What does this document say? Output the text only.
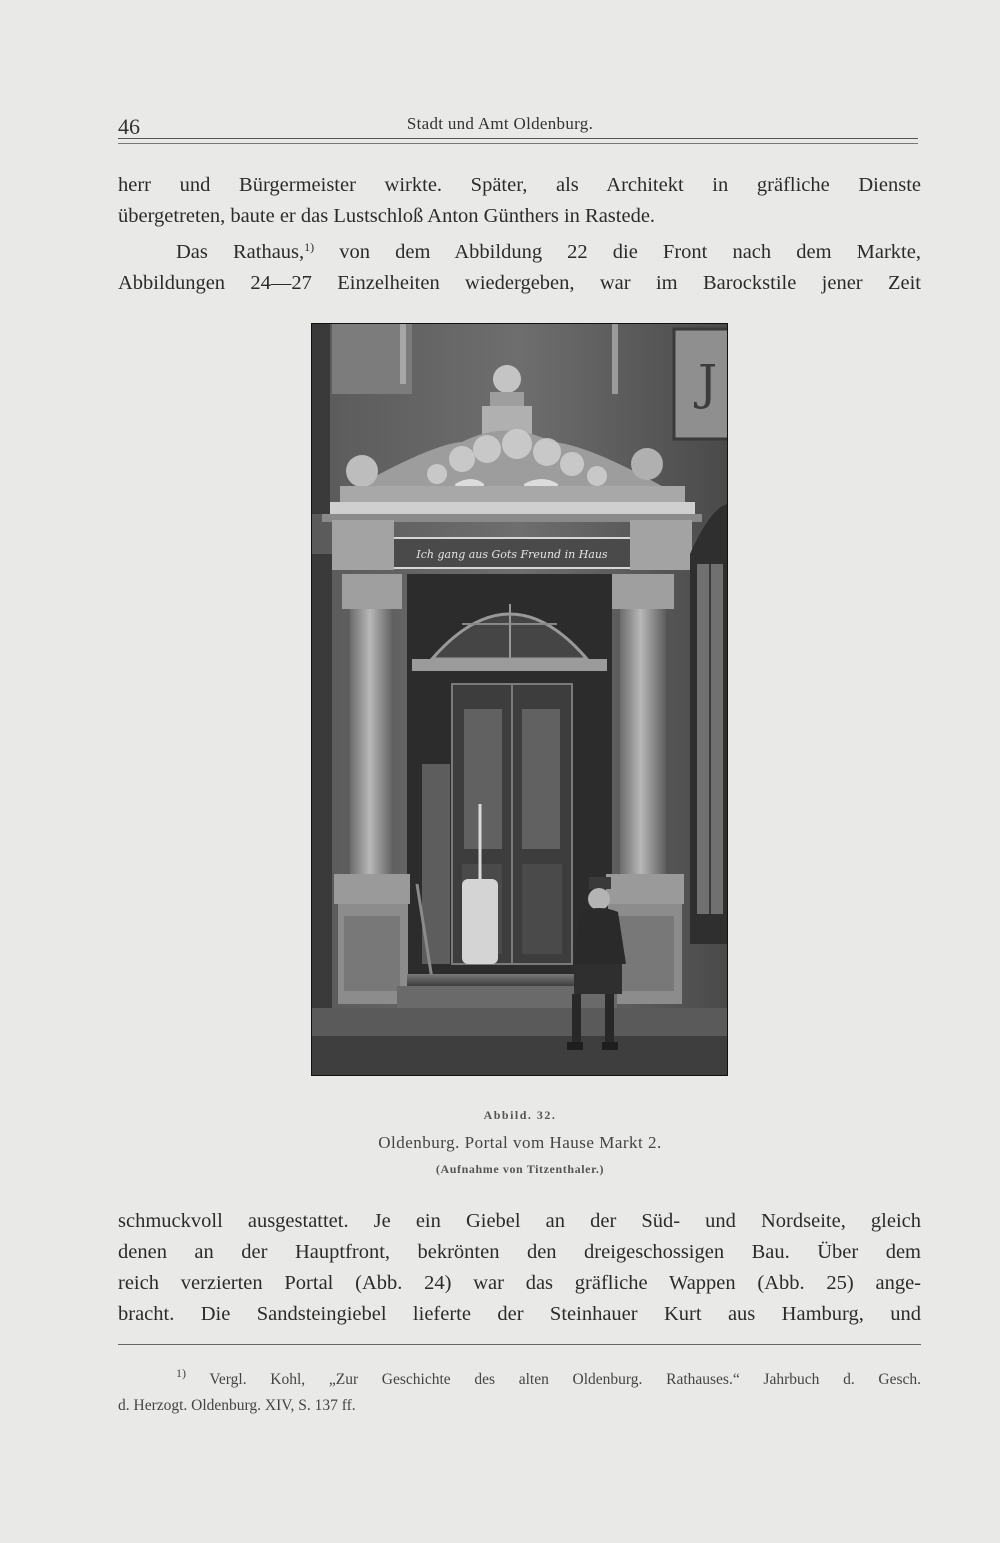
46	Stadt und Amt Oldenburg.
herr und Bürgermeister wirkte. Später, als Architekt in gräfliche Dienste
übergetreten, baute er das Lustschloß Anton Günthers in Rastede.
Das Rathaus,$^{1)}$ von dem Abbildung 22 die Front nach dem Markte,
Abbildungen 24—27 Einzelheiten wiedergeben, war im Barockstile jener Zeit
J
Ich gang aus Gots Freund in Haus
Abbild. 32.
Oldenburg. Portal vom Hause Markt 2.
(Aufnahme von Titzenthaler.)
schmuckvoll ausgestattet. Je ein Giebel an der Süd- und Nordseite, gleich
denen an der Hauptfront, bekrönten den dreigeschossigen Bau. Über dem
reich verzierten Portal (Abb. 24) war das gräfliche Wappen (Abb. 25) ange-
bracht. Die Sandsteingiebel lieferte der Steinhauer Kurt aus Hamburg, und
$^{1)}$ Vergl. Kohl, „Zur Geschichte des alten Oldenburg. Rathauses.“ Jahrbuch d. Gesch.
d. Herzogt. Oldenburg. XIV, S. 137 ff.
